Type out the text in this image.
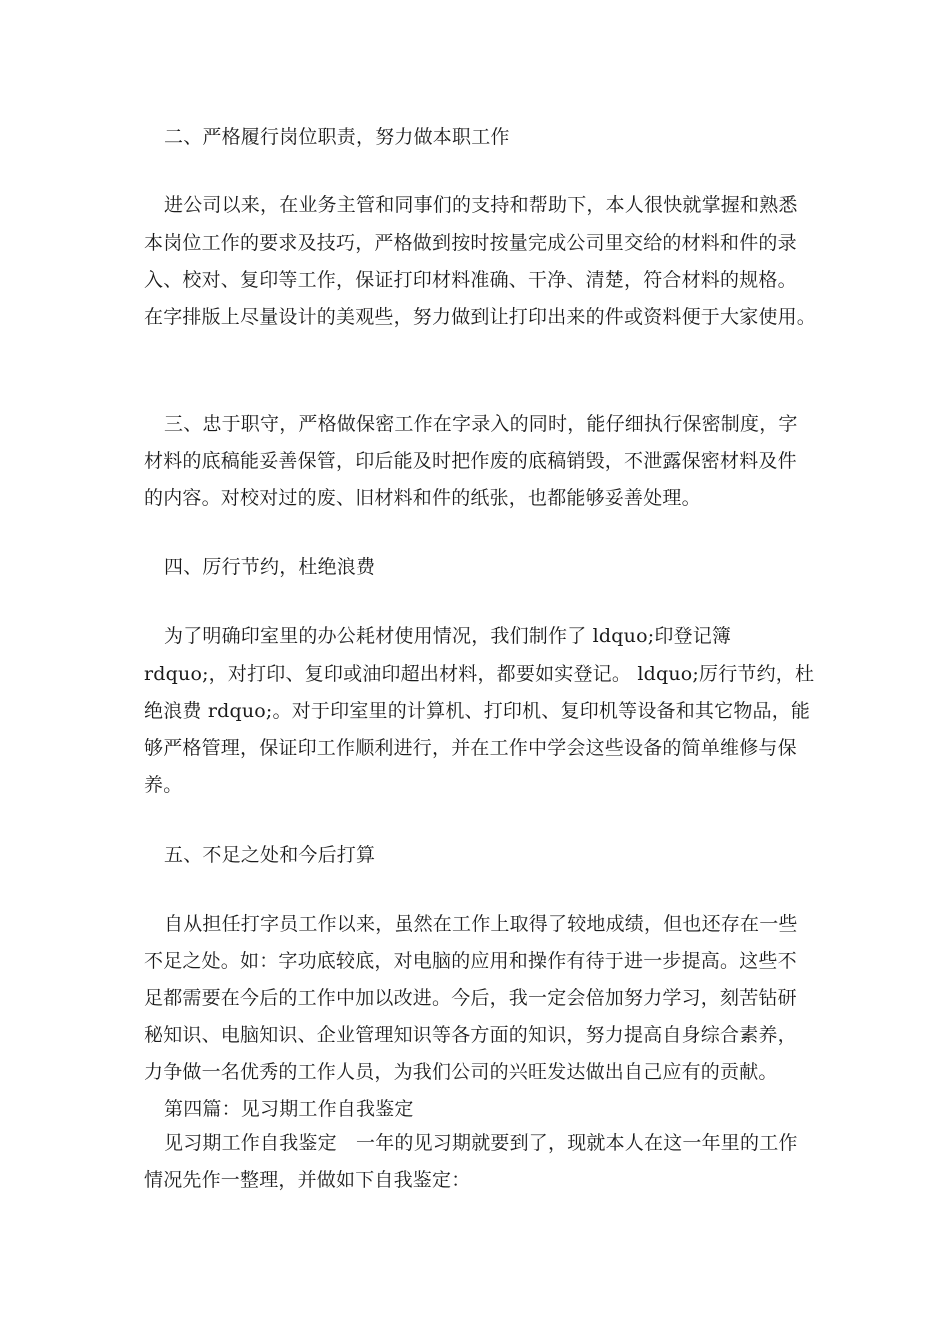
二、严格履行岗位职责，努力做本职工作
进公司以来，在业务主管和同事们的支持和帮助下，本人很快就掌握和熟悉
本岗位工作的要求及技巧，严格做到按时按量完成公司里交给的材料和件的录
入、校对、复印等工作，保证打印材料准确、干净、清楚，符合材料的规格。
在字排版上尽量设计的美观些，努力做到让打印出来的件或资料便于大家使用。
三、忠于职守，严格做保密工作在字录入的同时，能仔细执行保密制度，字
材料的底稿能妥善保管，印后能及时把作废的底稿销毁，不泄露保密材料及件
的内容。对校对过的废、旧材料和件的纸张，也都能够妥善处理。
四、厉行节约，杜绝浪费
为了明确印室里的办公耗材使用情况，我们制作了 ldquo;印登记簿
rdquo;，对打印、复印或油印超出材料，都要如实登记。 ldquo;厉行节约，杜
绝浪费 rdquo;。对于印室里的计算机、打印机、复印机等设备和其它物品，能
够严格管理，保证印工作顺利进行，并在工作中学会这些设备的简单维修与保
养。
五、不足之处和今后打算
自从担任打字员工作以来，虽然在工作上取得了较地成绩，但也还存在一些
不足之处。如：字功底较底，对电脑的应用和操作有待于进一步提高。这些不
足都需要在今后的工作中加以改进。今后，我一定会倍加努力学习，刻苦钻研
秘知识、电脑知识、企业管理知识等各方面的知识，努力提高自身综合素养，
力争做一名优秀的工作人员，为我们公司的兴旺发达做出自己应有的贡献。
第四篇：见习期工作自我鉴定
见习期工作自我鉴定　一年的见习期就要到了，现就本人在这一年里的工作
情况先作一整理，并做如下自我鉴定：
